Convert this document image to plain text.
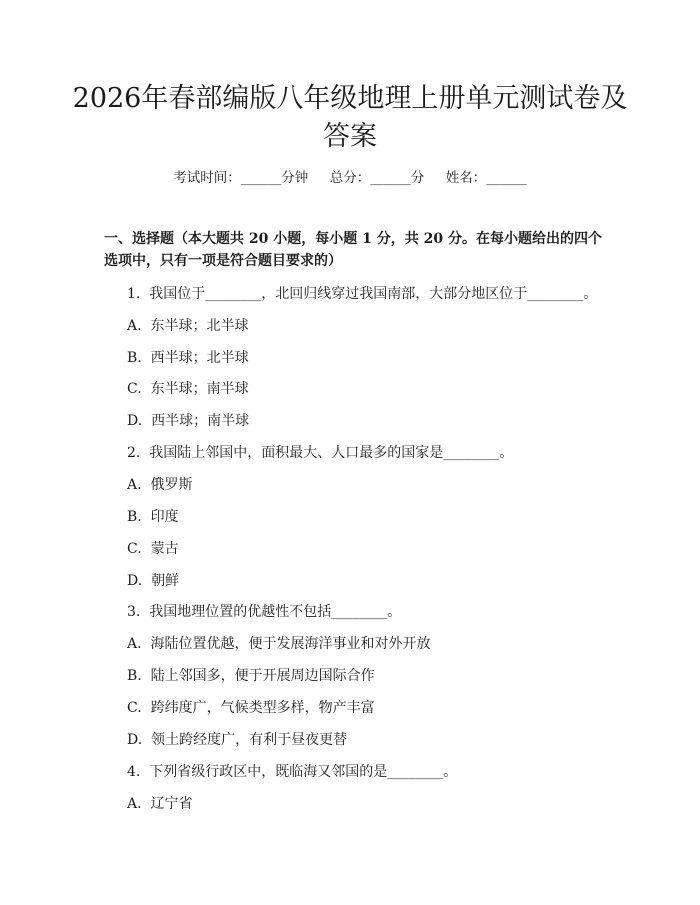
2026年春部编版八年级地理上册单元测试卷及答案
考试时间：______分钟     总分：______分     姓名：______
一、选择题（本大题共 20 小题，每小题 1 分，共 20 分。在每小题给出的四个选项中，只有一项是符合题目要求的）
1.  我国位于________，北回归线穿过我国南部，大部分地区位于________。
A.  东半球；北半球
B.  西半球；北半球
C.  东半球；南半球
D.  西半球；南半球
2.  我国陆上邻国中，面积最大、人口最多的国家是________。
A.  俄罗斯
B.  印度
C.  蒙古
D.  朝鲜
3.  我国地理位置的优越性不包括________。
A.  海陆位置优越，便于发展海洋事业和对外开放
B.  陆上邻国多，便于开展周边国际合作
C.  跨纬度广，气候类型多样，物产丰富
D.  领土跨经度广，有利于昼夜更替
4.  下列省级行政区中，既临海又邻国的是________。
A.  辽宁省
